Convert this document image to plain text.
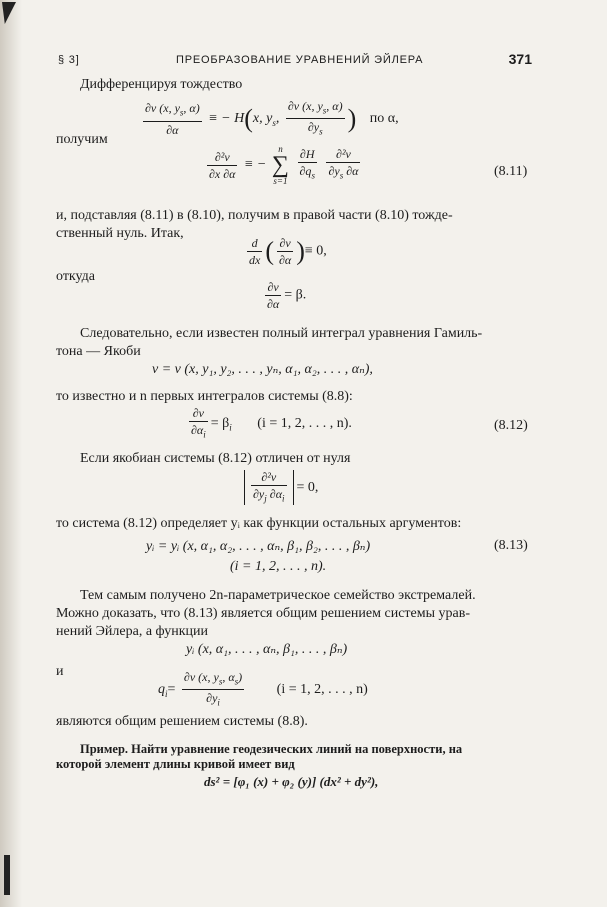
§ 3]	ПРЕОБРАЗОВАНИЕ УРАВНЕНИЙ ЭЙЛЕРА	371
Дифференцируя тождество
$\frac{\partial v (x, y_s, \alpha)}{\partial\alpha}$ ≡ − H(x, $y_s$, $\frac{\partial v (x, y_s, \alpha)}{\partial y_s}$ ) по α,
получим
$\frac{\text{∂²v}}{\partial x \partial\alpha}$ ≡ −
n
∑
s=1
$\frac{\partial H}{\partial q_s}$
$\frac{\text{∂²v}}{\partial y_s \partial\alpha}$	(8.11)
и, подставляя (8.11) в (8.10), получим в правой части (8.10) тожде-
ственный нуль. Итак,
$\frac{d}{dx}$ ( $\frac{\partial v}{\partial\alpha}$ )≡ 0,
откуда
$\frac{\partial v}{\partial\alpha} = \beta$.
Следовательно, если известен полный интеграл уравнения Гамиль-
тона — Якоби
v = v (x, y₁, y₂, . . . , yₙ, α₁, α₂, . . . , αₙ),
то известно и n первых интегралов системы (8.8):
$\frac{\partial v}{\partial\alpha_i} = \beta_i$ (i = 1, 2, . . . , n).	(8.12)
Если якобиан системы (8.12) отличен от нуля
$\frac{\text{∂²v}}{\partial y_j \partial\alpha_i} = 0$,
то система (8.12) определяет yᵢ как функции остальных аргументов:
yᵢ = yᵢ (x, α₁, α₂, . . . , αₙ, β₁, β₂, . . . , βₙ)	(8.13)
(i = 1, 2, . . . , n).
Тем самым получено 2n-параметрическое семейство экстремалей.
Можно доказать, что (8.13) является общим решением системы урав-
нений Эйлера, а функции
yᵢ (x, α₁, . . . , αₙ, β₁, . . . , βₙ)
и
$q_i= \frac{\partial v (x, y_s, \alpha_s)}{\partial y_i} (i = 1$, 2, . . . , n)
являются общим решением системы (8.8).
Пример. Найти уравнение геодезических линий на поверхности, на
которой элемент длины кривой имеет вид
ds² = [φ₁ (x) + φ₂ (y)] (dx² + dy²),
